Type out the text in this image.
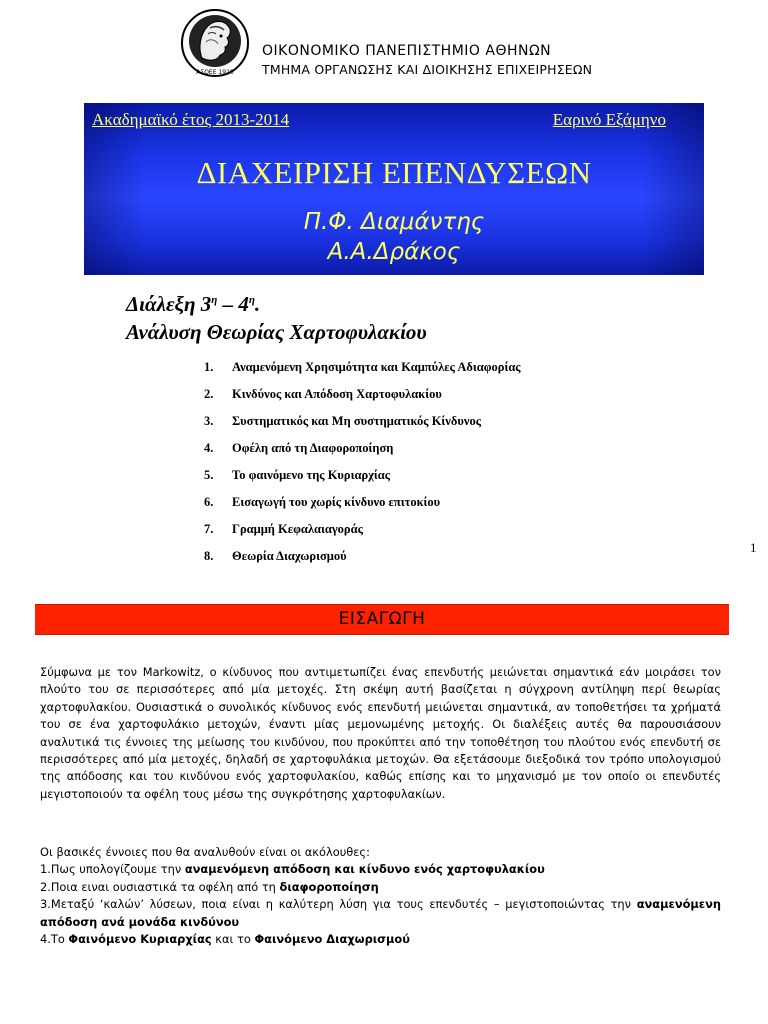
ΑΣΟΕΕ 1920
ΟΙΚΟΝΟΜΙΚΟ ΠΑΝΕΠΙΣΤΗΜΙΟ ΑΘΗΝΩΝ
ΤΜΗΜΑ ΟΡΓΑΝΩΣΗΣ ΚΑΙ ΔΙΟΙΚΗΣΗΣ ΕΠΙΧΕΙΡΗΣΕΩΝ
Ακαδημαϊκό έτος 2013-2014	Εαρινό Εξάμηνο
ΔΙΑΧΕΙΡΙΣΗ ΕΠΕΝΔΥΣΕΩΝ
Π.Φ. Διαμάντης
Α.Α.Δράκος
Διάλεξη $3^\eta - 4^\eta$.
Ανάλυση Θεωρίας Χαρτοφυλακίου
1. Αναμενόμενη Χρησιμότητα και Καμπύλες Αδιαφορίας
2. Κινδύνος και Απόδοση Χαρτοφυλακίου
3. Συστηματικός και Μη συστηματικός Κίνδυνος
4. Οφέλη από τη Διαφοροποίηση
5. Το φαινόμενο της Κυριαρχίας
6. Εισαγωγή του χωρίς κίνδυνο επιτοκίου
7. Γραμμή Κεφαλαιαγοράς
8. Θεωρία Διαχωρισμού
1
ΕΙΣΑΓΩΓΗ
Σύμφωνα με τον Markowitz, ο κίνδυνος που αντιμετωπίζει ένας επενδυτής μειώνεται σημαντικά εάν μοιράσει τον πλούτο του σε περισσότερες από μία μετοχές. Στη σκέψη αυτή βασίζεται η σύγχρονη αντίληψη περί θεωρίας χαρτοφυλακίου. Ουσιαστικά ο συνολικός κίνδυνος ενός επενδυτή μειώνεται σημαντικά, αν τοποθετήσει τα χρήματά του σε ένα χαρτοφυλάκιο μετοχών, έναντι μίας μεμονωμένης μετοχής. Οι διαλέξεις αυτές θα παρουσιάσουν αναλυτικά τις έννοιες της μείωσης του κινδύνου, που προκύπτει από την τοποθέτηση του πλούτου ενός επενδυτή σε περισσότερες από μία μετοχές, δηλαδή σε χαρτοφυλάκια μετοχών. Θα εξετάσουμε διεξοδικά τον τρόπο υπολογισμού της απόδοσης και του κινδύνου ενός χαρτοφυλακίου, καθώς επίσης και το μηχανισμό με τον οποίο οι επενδυτές μεγιστοποιούν τα οφέλη τους μέσω της συγκρότησης χαρτοφυλακίων.
Οι βασικές έννοιες που θα αναλυθούν είναι οι ακόλουθες:
1.Πως υπολογίζουμε την αναμενόμενη απόδοση και κίνδυνο ενός χαρτοφυλακίου
2.Ποια ειναι ουσιαστικά τα οφέλη από τη διαφοροποίηση
3.Μεταξύ ‘καλών’ λύσεων, ποια είναι η καλύτερη λύση για τους επενδυτές – μεγιστοποιώντας την αναμενόμενη απόδοση ανά μονάδα κινδύνου
4.Το Φαινόμενο Κυριαρχίας και το Φαινόμενο Διαχωρισμού
